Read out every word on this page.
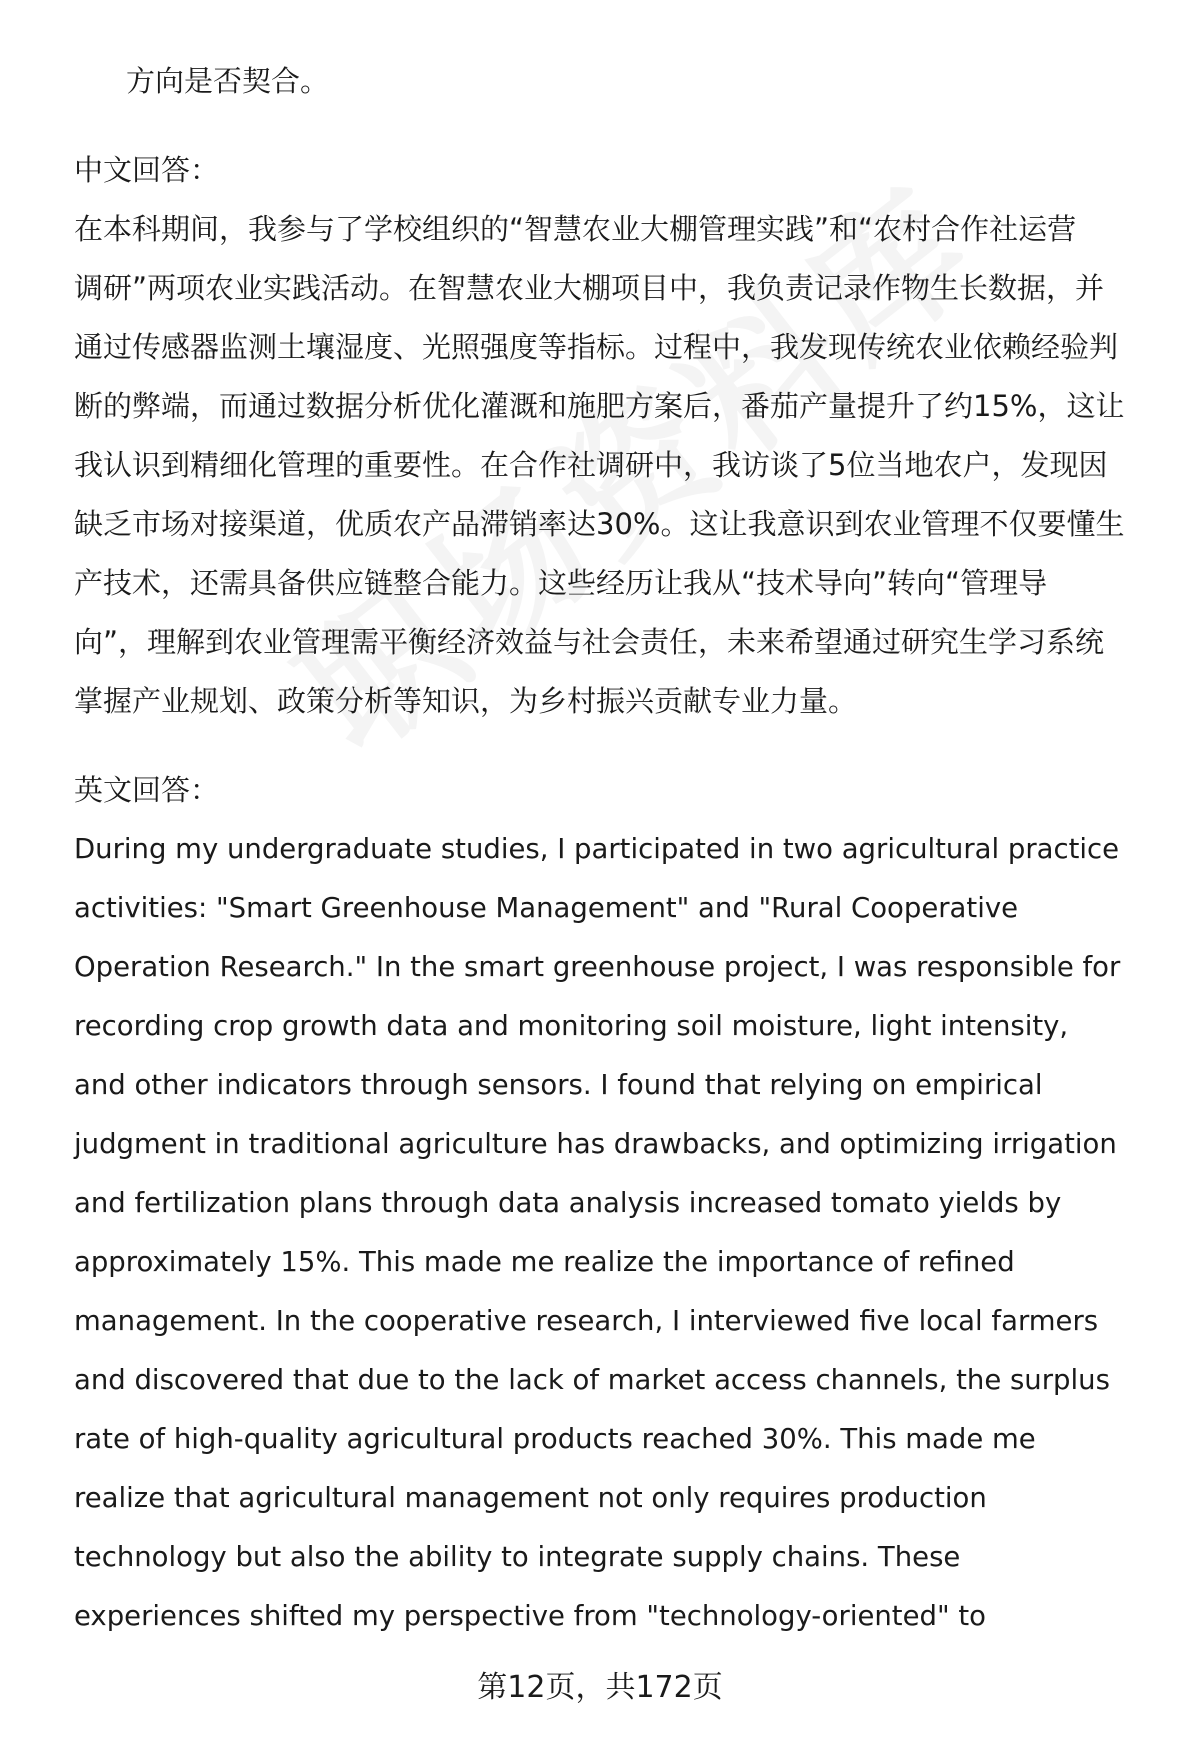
方向是否契合。

中文回答：

在本科期间，我参与了学校组织的“智慧农业大棚管理实践”和“农村合作社运营

调研”两项农业实践活动。在智慧农业大棚项目中，我负责记录作物生长数据，并

通过传感器监测土壤湿度、光照强度等指标。过程中，我发现传统农业依赖经验判

断的弊端，而通过数据分析优化灌溉和施肥方案后，番茄产量提升了约15%，这让

我认识到精细化管理的重要性。在合作社调研中，我访谈了5位当地农户，发现因

缺乏市场对接渠道，优质农产品滞销率达30%。这让我意识到农业管理不仅要懂生

产技术，还需具备供应链整合能力。这些经历让我从“技术导向”转向“管理导

向”，理解到农业管理需平衡经济效益与社会责任，未来希望通过研究生学习系统

掌握产业规划、政策分析等知识，为乡村振兴贡献专业力量。

英文回答：

During my undergraduate studies, I participated in two agricultural practice

activities: "Smart Greenhouse Management" and "Rural Cooperative

Operation Research." In the smart greenhouse project, I was responsible for

recording crop growth data and monitoring soil moisture, light intensity,

and other indicators through sensors. I found that relying on empirical

judgment in traditional agriculture has drawbacks, and optimizing irrigation

and fertilization plans through data analysis increased tomato yields by

approximately 15%. This made me realize the importance of refined

management. In the cooperative research, I interviewed five local farmers

and discovered that due to the lack of market access channels, the surplus

rate of high-quality agricultural products reached 30%. This made me

realize that agricultural management not only requires production

technology but also the ability to integrate supply chains. These

experiences shifted my perspective from "technology-oriented" to

第12页，共172页
